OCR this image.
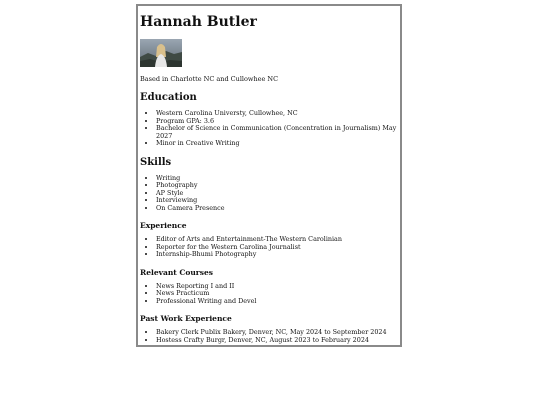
Hannah Butler

Based in Charlotte NC and Cullowhee NC

Education
• Western Carolina Universty, Cullowhee, NC
• Program GPA: 3.6
• Bachelor of Science in Communication (Concentration in Journalism) May 2027
• Minor in Creative Writing
Skills
• Writing
• Photography
• AP Style
• Interviewing
• On Camera Presence
Experience
• Editor of Arts and Entertainment-The Western Carolinian
• Reporter for the Western Carolina Journalist
• Internship-Bhumi Photography
Relevant Courses
• News Reporting I and II
• News Practicum
• Professional Writing and Devel
Past Work Experience
• Bakery Clerk Publix Bakery, Denver, NC, May 2024 to September 2024
• Hostess Crafty Burgr, Denver, NC, August 2023 to February 2024
